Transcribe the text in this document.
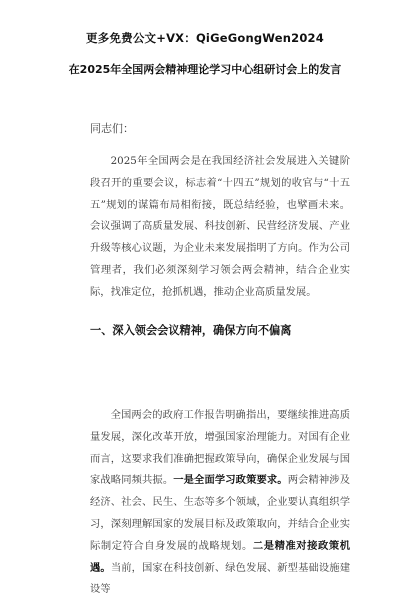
更多免费公文+VX：QiGeGongWen2024
在2025年全国两会精神理论学习中心组研讨会上的发言
同志们：

2025年全国两会是在我国经济社会发展进入关键阶段召开的重要会议，标志着“十四五”规划的收官与“十五五”规划的谋篇布局相衔接，既总结经验，也擘画未来。会议强调了高质量发展、科技创新、民营经济发展、产业升级等核心议题，为企业未来发展指明了方向。作为公司管理者，我们必须深刻学习领会两会精神，结合企业实际，找准定位，抢抓机遇，推动企业高质量发展。

一、深入领会会议精神，确保方向不偏离

全国两会的政府工作报告明确指出，要继续推进高质量发展，深化改革开放，增强国家治理能力。对国有企业而言，这要求我们准确把握政策导向，确保企业发展与国家战略同频共振。一是全面学习政策要求。两会精神涉及经济、社会、民生、生态等多个领域，企业要认真组织学习，深刻理解国家的发展目标及政策取向，并结合企业实际制定符合自身发展的战略规划。二是精准对接政策机遇。当前，国家在科技创新、绿色发展、新型基础设施建设等
